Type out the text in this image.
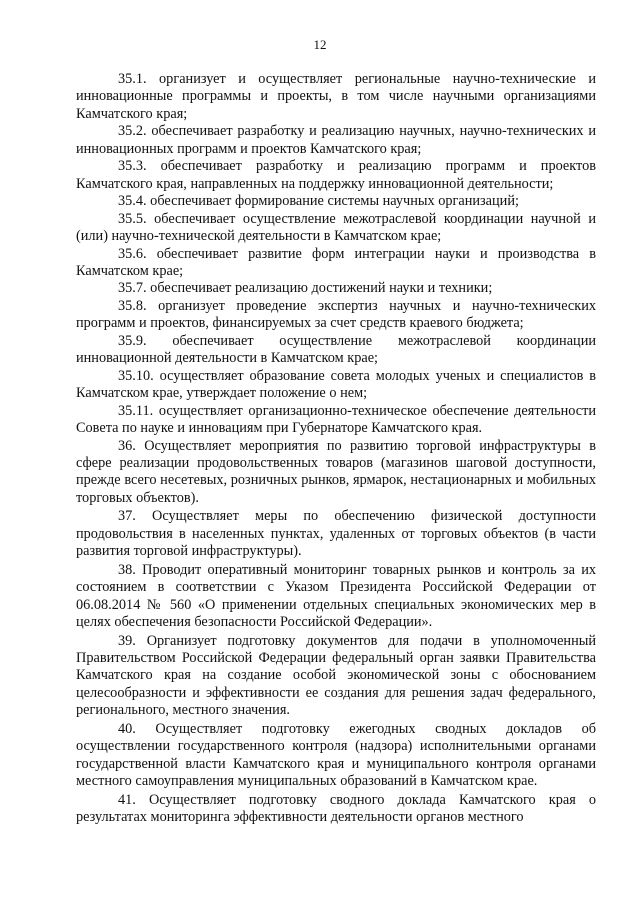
12

35.1. организует и осуществляет региональные научно-технические и инновационные программы и проекты, в том числе научными организациями Камчатского края;

35.2. обеспечивает разработку и реализацию научных, научно-технических и инновационных программ и проектов Камчатского края;

35.3. обеспечивает разработку и реализацию программ и проектов Камчатского края, направленных на поддержку инновационной деятельности;

35.4. обеспечивает формирование системы научных организаций;

35.5. обеспечивает осуществление межотраслевой координации научной и (или) научно-технической деятельности в Камчатском крае;

35.6. обеспечивает развитие форм интеграции науки и производства в Камчатском крае;

35.7. обеспечивает реализацию достижений науки и техники;

35.8. организует проведение экспертиз научных и научно-технических программ и проектов, финансируемых за счет средств краевого бюджета;

35.9. обеспечивает осуществление межотраслевой координации инновационной деятельности в Камчатском крае;

35.10. осуществляет образование совета молодых ученых и специалистов в Камчатском крае, утверждает положение о нем;

35.11. осуществляет организационно-техническое обеспечение деятельности Совета по науке и инновациям при Губернаторе Камчатского края.

36. Осуществляет мероприятия по развитию торговой инфраструктуры в сфере реализации продовольственных товаров (магазинов шаговой доступности, прежде всего несетевых, розничных рынков, ярмарок, нестационарных и мобильных торговых объектов).

37. Осуществляет меры по обеспечению физической доступности продовольствия в населенных пунктах, удаленных от торговых объектов (в части развития торговой инфраструктуры).

38. Проводит оперативный мониторинг товарных рынков и контроль за их состоянием в соответствии с Указом Президента Российской Федерации от 06.08.2014 № 560 «О применении отдельных специальных экономических мер в целях обеспечения безопасности Российской Федерации».

39. Организует подготовку документов для подачи в уполномоченный Правительством Российской Федерации федеральный орган заявки Правительства Камчатского края на создание особой экономической зоны с обоснованием целесообразности и эффективности ее создания для решения задач федерального, регионального, местного значения.

40. Осуществляет подготовку ежегодных сводных докладов об осуществлении государственного контроля (надзора) исполнительными органами государственной власти Камчатского края и муниципального контроля органами местного самоуправления муниципальных образований в Камчатском крае.

41. Осуществляет подготовку сводного доклада Камчатского края о результатах мониторинга эффективности деятельности органов местного
